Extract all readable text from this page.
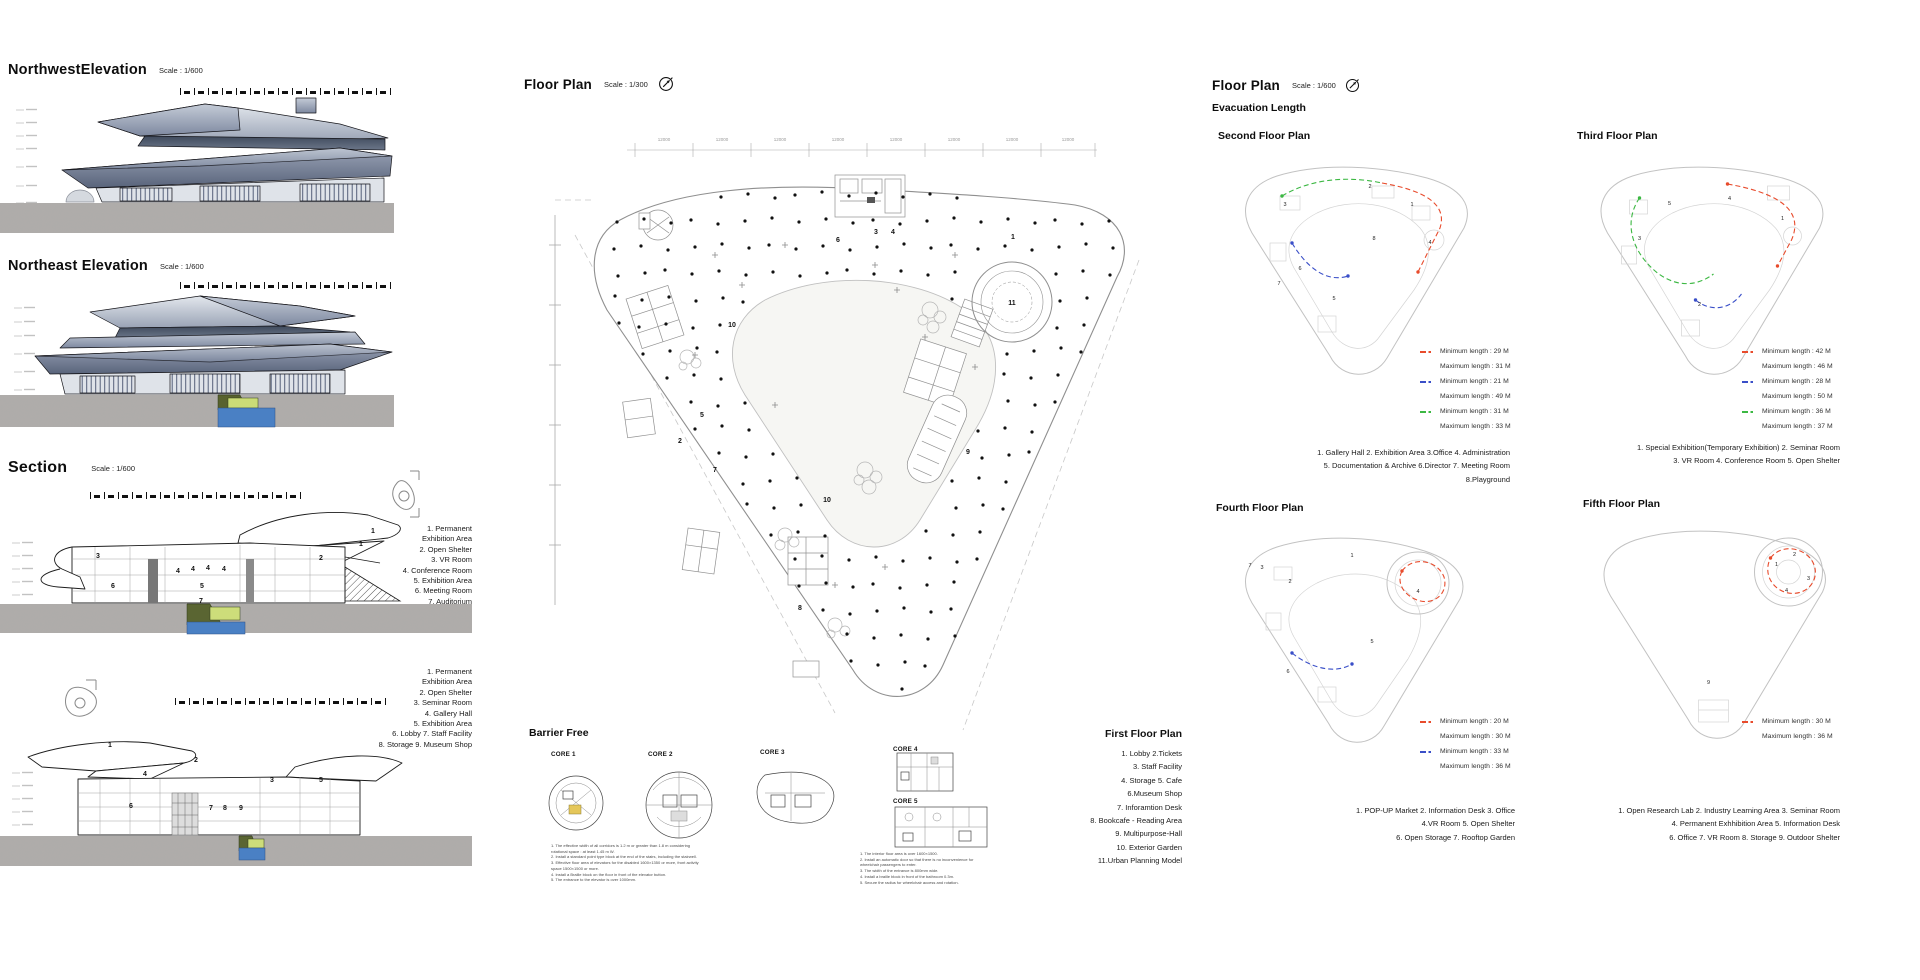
NorthwestElevation Scale : 1/600
Northeast Elevation Scale : 1/600
Section	Scale : 1/600
1
1
2
3
4 4 4 4
5
6
7
1. Permanent
Exhibition Area
2. Open Shelter
3. VR Room
4. Conference Room
5. Exhibition Area
6. Meeting Room
7. Auditorium
1. Permanent
Exhibition Area
2. Open Shelter
3. Seminar Room
4. Gallery Hall
5. Exhibition Area
6. Lobby 7. Staff Facility
8. Storage 9. Museum Shop
1
2
3
4
5
6	7 8 9
Floor Plan Scale : 1/300
12000	12000	12000	12000	12000	12000	12000	12000
1
2
3 4
5
6
7
8
9
10
10
11
Barrier Free
CORE 1	CORE 2	CORE 3	CORE 4
CORE 5
1. The effective width of all corridors is 1.2 m or greater than 1.8 m considering rotational space : at least 1.45 m W.
2. Install a standard point type block at the end of the stairs, including the stairwell.
3. Effective floor area of elevators for the disabled 1600×1350 or more, front activity space 1500×1500 or more.
4. Install a Braille block on the floor in front of the elevator button.
5. The entrance to the elevator is over 1000mm.
1. The interior floor area is over 1600×1500.
2. Install an automatic door so that there is no inconvenience for wheelchair passengers to enter.
3. The width of the entrance is 800mm wide.
4. Install a braille block in front of the bathroom 0.3m.
5. Secure the radius for wheelchair access and rotation.
First Floor Plan
1. Lobby 2.Tickets
3. Staff Facility
4. Storage 5. Cafe
6.Museum Shop
7. Inforamtion Desk
8. Bookcafe - Reading Area
9. Multipurpose-Hall
10. Exterior Garden
11.Urban Planning Model
Floor Plan Scale : 1/600
Evacuation Length
Second Floor Plan
1
2
3
4
5
6
7
8
Minimum length : 29 M
Maximum length : 31 M
Minimum length : 21 M
Maximum length : 49 M
Minimum length : 31 M
Maximum length : 33 M
1. Gallery Hall 2. Exhibition Area 3.Office 4. Administration
5. Documentation & Archive 6.Director 7. Meeting Room 8.Playground
Third Floor Plan
1
2
3
4
5
Minimum length : 42 M
Maximum length : 46 M
Minimum length : 28 M
Maximum length : 50 M
Minimum length : 36 M
Maximum length : 37 M
1. Special Exhibition(Temporary Exhibition) 2. Seminar Room
3. VR Room 4. Conference Room 5. Open Shelter
Fourth Floor Plan
1
2
3
4
5
6
7
Minimum length : 20 M
Maximum length : 30 M
Minimum length : 33 M
Maximum length : 36 M
1. POP-UP Market 2. Information Desk 3. Office
4.VR Room 5. Open Shelter
6. Open Storage 7. Rooftop Garden
Fifth Floor Plan
1
2
3
4
9
Minimum length : 30 M
Maximum length : 36 M
1. Open Research Lab 2. Industry Learning Area 3. Seminar Room
4. Permanent Exhhibition Area 5. Information Desk
6. Office 7. VR Room 8. Storage 9. Outdoor Shelter
